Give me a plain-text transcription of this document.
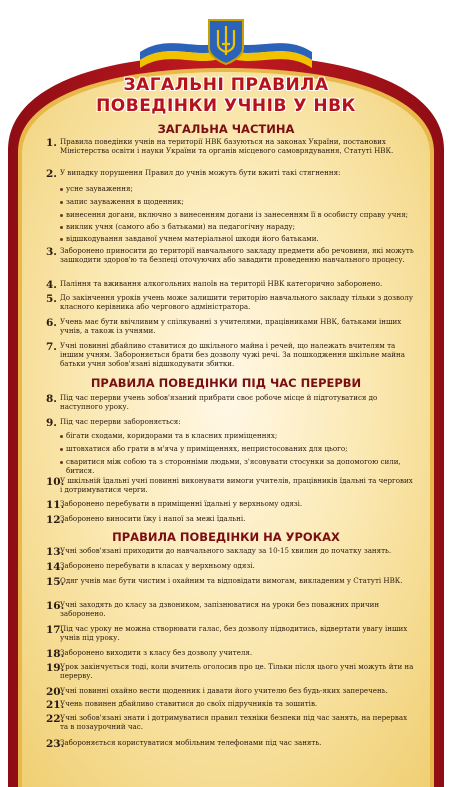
ЗАГАЛЬНІ ПРАВИЛА
ПОВЕДІНКИ УЧНІВ У НВК
ЗАГАЛЬНА ЧАСТИНА
1. Правила поведінки учнів на території НВК базуються на законах України, постанових Міністерства освіти і науки України та органів місцевого самоврядування, Статуті НВК.
2. У випадку порушення Правил до учнів можуть бути вжиті такі стягнення:
усне зауваження;
запис зауваження в щоденник;
винесення догани, включно з винесенням догани із занесенням її в особисту справу учня;
виклик учня (самого або з батьками) на педагогічну нараду;
відшкодування завданої учнем матеріальної шкоди його батьками.
3. Заборонено приносити до території навчального закладу предмети або речовини, які можуть зашкодити здоров'ю та безпеці оточуючих або завадити проведенню навчального процесу.
4. Паління та вживання алкогольних напоїв на території НВК категорично заборонено.
5. До закінчення уроків учень може залишити територію навчального закладу тільки з дозволу класного керівника або чергового адміністратора.
6. Учень має бути ввічливим у спілкуванні з учителями, працівниками НВК, батьками інших учнів, а також із учнями.
7. Учні повинні дбайливо ставитися до шкільного майна і речей, що належать вчителям та іншим учням. Забороняється брати без дозволу чужі речі. За пошкодження шкільне майна батьки учня зобов'язані відшкодувати збитки.
ПРАВИЛА ПОВЕДІНКИ ПІД ЧАС ПЕРЕРВИ
8. Під час перерви учень зобов'язаний прибрати своє робоче місце й підготуватися до наступного уроку.
9. Під час перерви забороняється:
бігати сходами, коридорами та в класних приміщеннях;
штовхатися або грати в м'яча у приміщеннях, непристосованих для цього;
сваритися між собою та з сторонніми людьми, з'ясовувати стосунки за допомогою сили, битися.
10.
У шкільній їдальні учні повинні виконувати вимоги учителів, працівників їдальні та чергових і дотримуватися черги.
11.
Заборонено перебувати в приміщенні їдальні у верхньому одязі.
12.
Заборонено виносити їжу і напої за межі їдальні.
ПРАВИЛА ПОВЕДІНКИ НА УРОКАХ
13.
Учні зобов'язані приходити до навчального закладу за 10-15 хвилин до початку занять.
14.
Заборонено перебувати в класах у верхньому одязі.
15.
Одяг учнів має бути чистим і охайним та відповідати вимогам, викладеним у Статуті НВК.
16.
Учні заходять до класу за дзвоником, запізнюватися на уроки без поважних причин заборонено.
17.
Під час уроку не можна створювати галас, без дозволу підводитись, відвертати увагу інших учнів під уроку.
18.
Заборонено виходити з класу без дозволу учителя.
19.
Урок закінчується тоді, коли вчитель оголосив про це. Тільки після цього учні можуть йти на перерву.
20.
Учні повинні охайно вести щоденник і давати його учителю без будь-яких заперечень.
21.
Учень повинен дбайливо ставитися до своїх підручників та зошитів.
22.
Учні зобов'язані знати і дотримуватися правил техніки безпеки під час занять, на перервах та в позаурочний час.
23.
Забороняється користуватися мобільним телефонами під час занять.
